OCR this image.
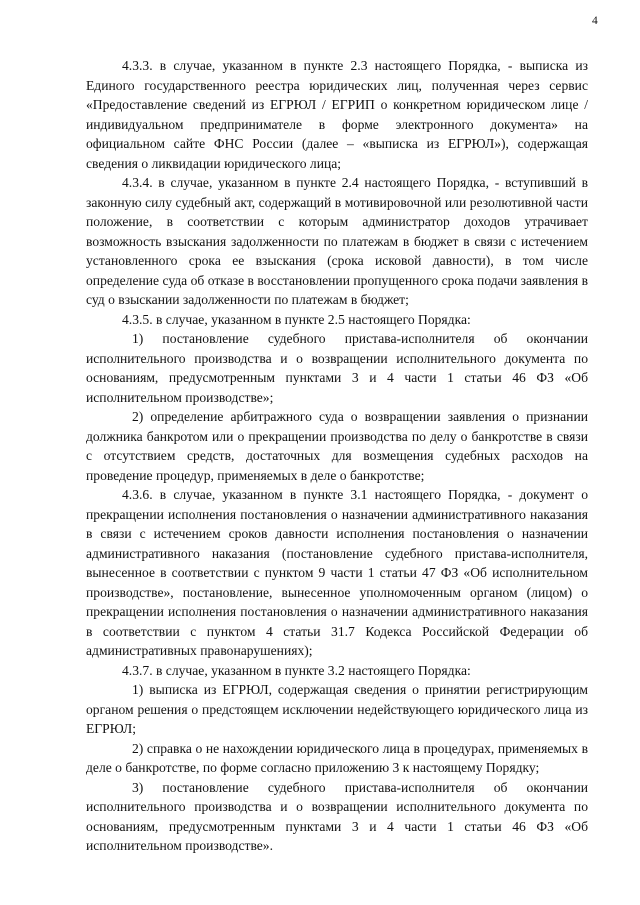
4

4.3.3. в случае, указанном в пункте 2.3 настоящего Порядка, - выписка из Единого государственного реестра юридических лиц, полученная через сервис «Предоставление сведений из ЕГРЮЛ / ЕГРИП о конкретном юридическом лице / индивидуальном предпринимателе в форме электронного документа» на официальном сайте ФНС России (далее – «выписка из ЕГРЮЛ»), содержащая сведения о ликвидации юридического лица;

4.3.4. в случае, указанном в пункте 2.4 настоящего Порядка, - вступивший в законную силу судебный акт, содержащий в мотивировочной или резолютивной части положение, в соответствии с которым администратор доходов утрачивает возможность взыскания задолженности по платежам в бюджет в связи с истечением установленного срока ее взыскания (срока исковой давности), в том числе определение суда об отказе в восстановлении пропущенного срока подачи заявления в суд о взыскании задолженности по платежам в бюджет;

4.3.5. в случае, указанном в пункте 2.5 настоящего Порядка:

1) постановление судебного пристава-исполнителя об окончании исполнительного производства и о возвращении исполнительного документа по основаниям, предусмотренным пунктами 3 и 4 части 1 статьи 46 ФЗ «Об исполнительном производстве»;

2) определение арбитражного суда о возвращении заявления о признании должника банкротом или о прекращении производства по делу о банкротстве в связи с отсутствием средств, достаточных для возмещения судебных расходов на проведение процедур, применяемых в деле о банкротстве;

4.3.6. в случае, указанном в пункте 3.1 настоящего Порядка, - документ о прекращении исполнения постановления о назначении административного наказания в связи с истечением сроков давности исполнения постановления о назначении административного наказания (постановление судебного пристава-исполнителя, вынесенное в соответствии с пунктом 9 части 1 статьи 47 ФЗ «Об исполнительном производстве», постановление, вынесенное уполномоченным органом (лицом) о прекращении исполнения постановления о назначении административного наказания в соответствии с пунктом 4 статьи 31.7 Кодекса Российской Федерации об административных правонарушениях);

4.3.7. в случае, указанном в пункте 3.2 настоящего Порядка:

1) выписка из ЕГРЮЛ, содержащая сведения о принятии регистрирующим органом решения о предстоящем исключении недействующего юридического лица из ЕГРЮЛ;

2) справка о не нахождении юридического лица в процедурах, применяемых в деле о банкротстве, по форме согласно приложению 3 к настоящему Порядку;

3) постановление судебного пристава-исполнителя об окончании исполнительного производства и о возвращении исполнительного документа по основаниям, предусмотренным пунктами 3 и 4 части 1 статьи 46 ФЗ «Об исполнительном производстве».
